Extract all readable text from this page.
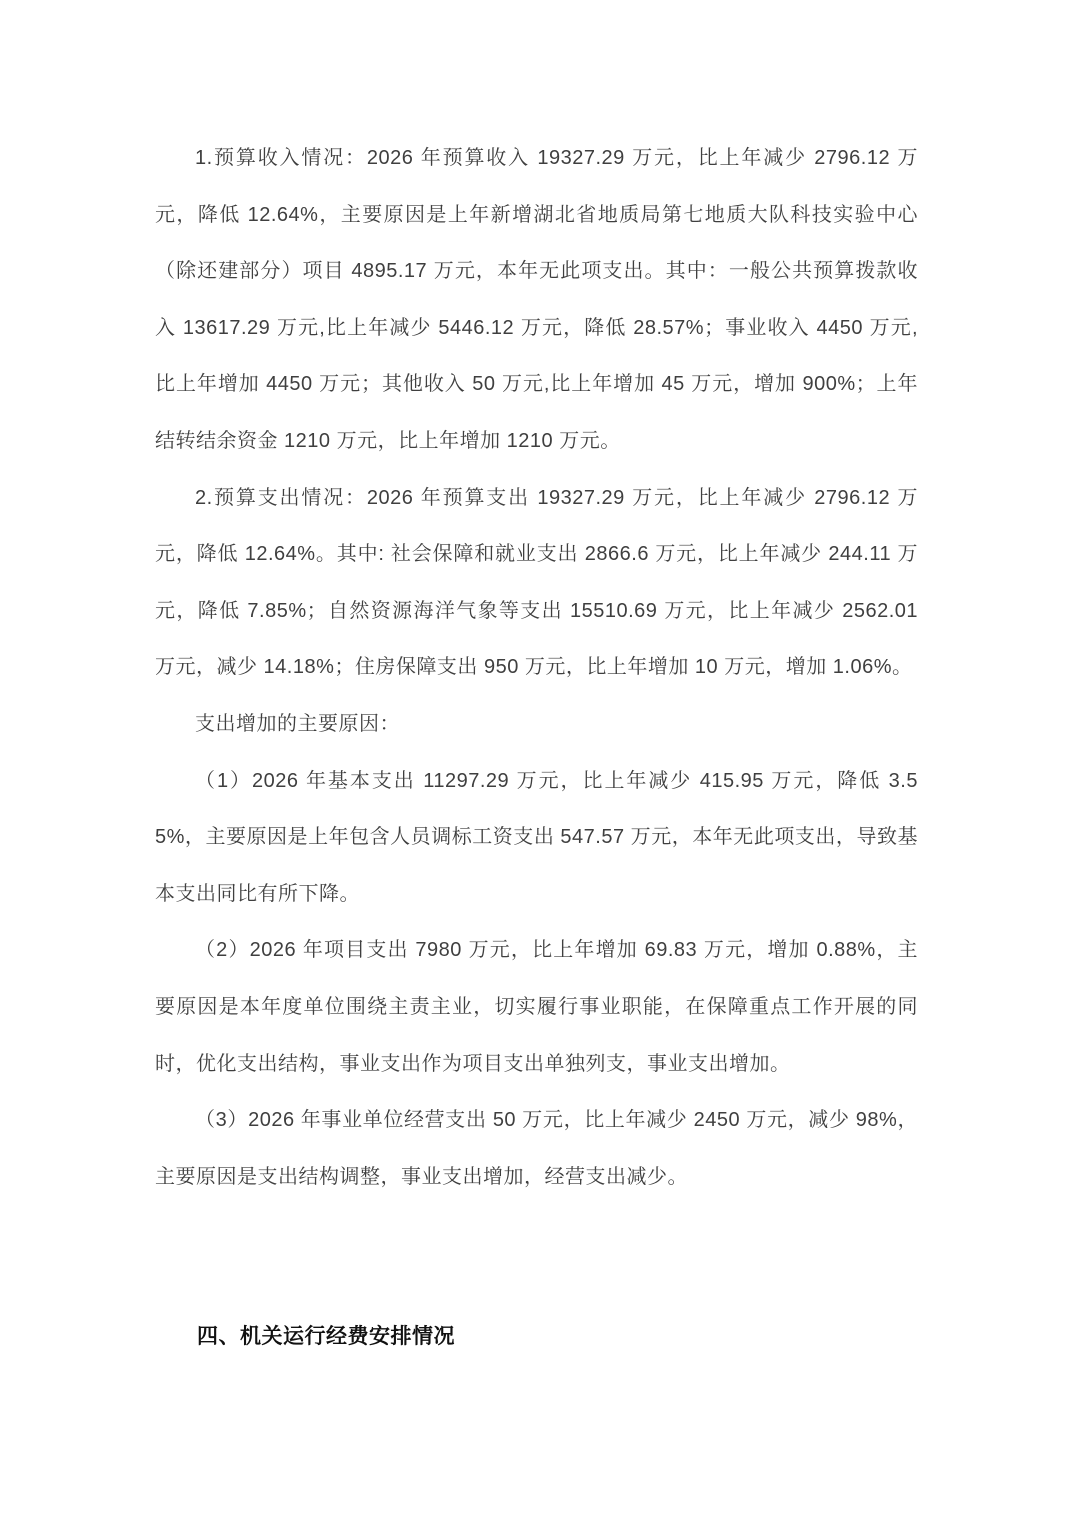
1.预算收入情况：2026 年预算收入 19327.29 万元，比上年减少 2796.12 万元，降低 12.64%，主要原因是上年新增湖北省地质局第七地质大队科技实验中心（除还建部分）项目 4895.17 万元，本年无此项支出。其中：一般公共预算拨款收入 13617.29 万元,比上年减少 5446.12 万元，降低 28.57%；事业收入 4450 万元,比上年增加 4450 万元；其他收入 50 万元,比上年增加 45 万元，增加 900%；上年结转结余资金 1210 万元，比上年增加 1210 万元。

2.预算支出情况：2026 年预算支出 19327.29 万元，比上年减少 2796.12 万元，降低 12.64%。其中: 社会保障和就业支出 2866.6 万元，比上年减少 244.11 万元，降低 7.85%；自然资源海洋气象等支出 15510.69 万元，比上年减少 2562.01 万元，减少 14.18%；住房保障支出 950 万元，比上年增加 10 万元，增加 1.06%。

支出增加的主要原因：

（1）2026 年基本支出 11297.29 万元，比上年减少 415.95 万元，降低 3.55%，主要原因是上年包含人员调标工资支出 547.57 万元，本年无此项支出，导致基本支出同比有所下降。

（2）2026 年项目支出 7980 万元，比上年增加 69.83 万元，增加 0.88%，主要原因是本年度单位围绕主责主业，切实履行事业职能，在保障重点工作开展的同时，优化支出结构，事业支出作为项目支出单独列支，事业支出增加。

（3）2026 年事业单位经营支出 50 万元，比上年减少 2450 万元，减少 98%，主要原因是支出结构调整，事业支出增加，经营支出减少。

四、机关运行经费安排情况
